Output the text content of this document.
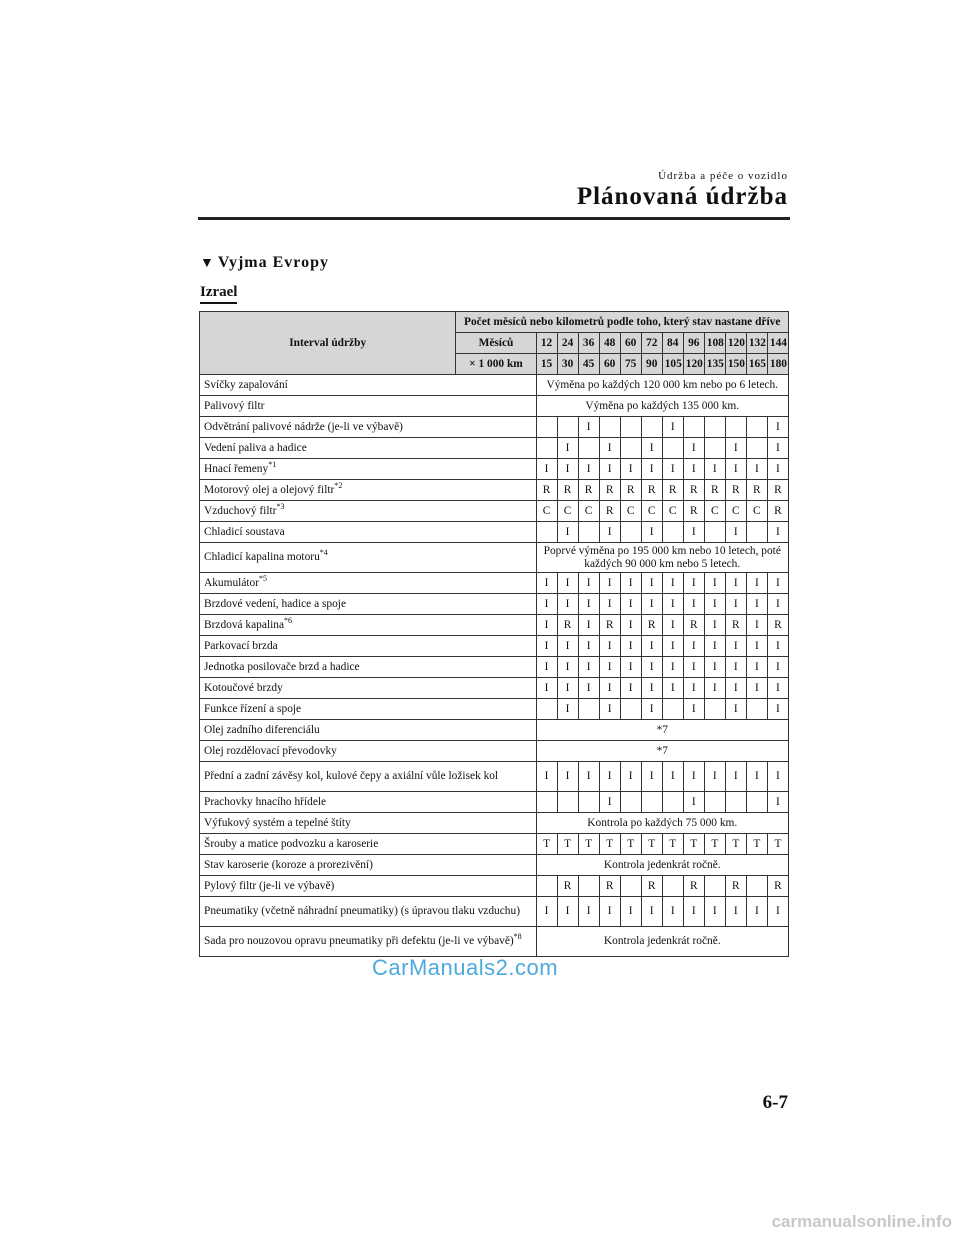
Údržba a péče o vozidlo
Plánovaná údržba
▼ Vyjma Evropy
Izrael
Interval údržby	Počet měsíců nebo kilometrů podle toho, který stav nastane dříve												
	Měsíců	12	24	36	48	60	72	84	96	108	120	132	144
	× 1 000 km	15	30	45	60	75	90	105	120	135	150	165	180
Svíčky zapalování		Výměna po každých 120 000 km nebo po 6 letech.											
Palivový filtr		Výměna po každých 135 000 km.											
Odvětrání palivové nádrže (je-li ve výbavě)				I				I					I
Vedení paliva a hadice			I		I		I		I		I		I
Hnací řemeny$^{*1}$		I	I	I	I	I	I	I	I	I	I	I	I
Motorový olej a olejový filtr$^{*2}$		R	R	R	R	R	R	R	R	R	R	R	R
Vzduchový filtr$^{*3}$		C	C	C	R	C	C	C	R	C	C	C	R
Chladicí soustava			I		I		I		I		I		I
Chladicí kapalina motoru$^{*4}$		Poprvé výměna po 195 000 km nebo 10 letech, poté každých 90 000 km nebo 5 letech.											
Akumulátor$^{*5}$		I	I	I	I	I	I	I	I	I	I	I	I
Brzdové vedení, hadice a spoje		I	I	I	I	I	I	I	I	I	I	I	I
Brzdová kapalina$^{*6}$		I	R	I	R	I	R	I	R	I	R	I	R
Parkovací brzda		I	I	I	I	I	I	I	I	I	I	I	I
Jednotka posilovače brzd a hadice		I	I	I	I	I	I	I	I	I	I	I	I
Kotoučové brzdy		I	I	I	I	I	I	I	I	I	I	I	I
Funkce řízení a spoje			I		I		I		I		I		I
Olej zadního diferenciálu		*7											
Olej rozdělovací převodovky		*7											
Přední a zadní závěsy kol, kulové čepy a axiální vůle ložisek kol		I	I	I	I	I	I	I	I	I	I	I	I
Prachovky hnacího hřídele					I				I				I
Výfukový systém a tepelné štíty		Kontrola po každých 75 000 km.											
Šrouby a matice podvozku a karoserie		T	T	T	T	T	T	T	T	T	T	T	T
Stav karoserie (koroze a prorezivění)		Kontrola jedenkrát ročně.											
Pylový filtr (je-li ve výbavě)			R		R		R		R		R		R
Pneumatiky (včetně náhradní pneumatiky) (s úpravou tlaku vzduchu)		I	I	I	I	I	I	I	I	I	I	I	I
Sada pro nouzovou opravu pneumatiky při defektu (je-li ve výbavě)$^{*8}$		Kontrola jedenkrát ročně.											
CarManuals2.com
6-7
carmanualsonline.info
